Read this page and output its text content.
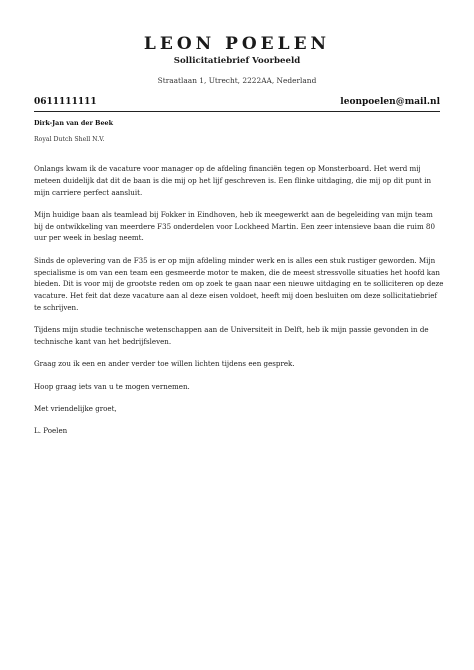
LEON POELEN
Sollicitatiebrief Voorbeeld
Straatlaan 1, Utrecht, 2222AA, Nederland
0611111111	leonpoelen@mail.nl
Dirk-Jan van der Beek
Royal Dutch Shell N.V.

Onlangs kwam ik de vacature voor manager op de afdeling financiën tegen op Monsterboard. Het werd mij meteen duidelijk dat dit de baan is die mij op het lijf geschreven is. Een flinke uitdaging, die mij op dit punt in mijn carriere perfect aansluit.

Mijn huidige baan als teamlead bij Fokker in Eindhoven, heb ik meegewerkt aan de begeleiding van mijn team bij de ontwikkeling van meerdere F35 onderdelen voor Lockheed Martin. Een zeer intensieve baan die ruim 80 uur per week in beslag neemt.

Sinds de oplevering van de F35 is er op mijn afdeling minder werk en is alles een stuk rustiger geworden. Mijn specialisme is om van een team een gesmeerde motor te maken, die de meest stressvolle situaties het hoofd kan bieden. Dit is voor mij de grootste reden om op zoek te gaan naar een nieuwe uitdaging en te solliciteren op deze vacature. Het feit dat deze vacature aan al deze eisen voldoet, heeft mij doen besluiten om deze sollicitatiebrief te schrijven.

Tijdens mijn studie technische wetenschappen aan de Universiteit in Delft, heb ik mijn passie gevonden in de technische kant van het bedrijfsleven.

Graag zou ik een en ander verder toe willen lichten tijdens een gesprek.

Hoop graag iets van u te mogen vernemen.

Met vriendelijke groet,

L. Poelen
